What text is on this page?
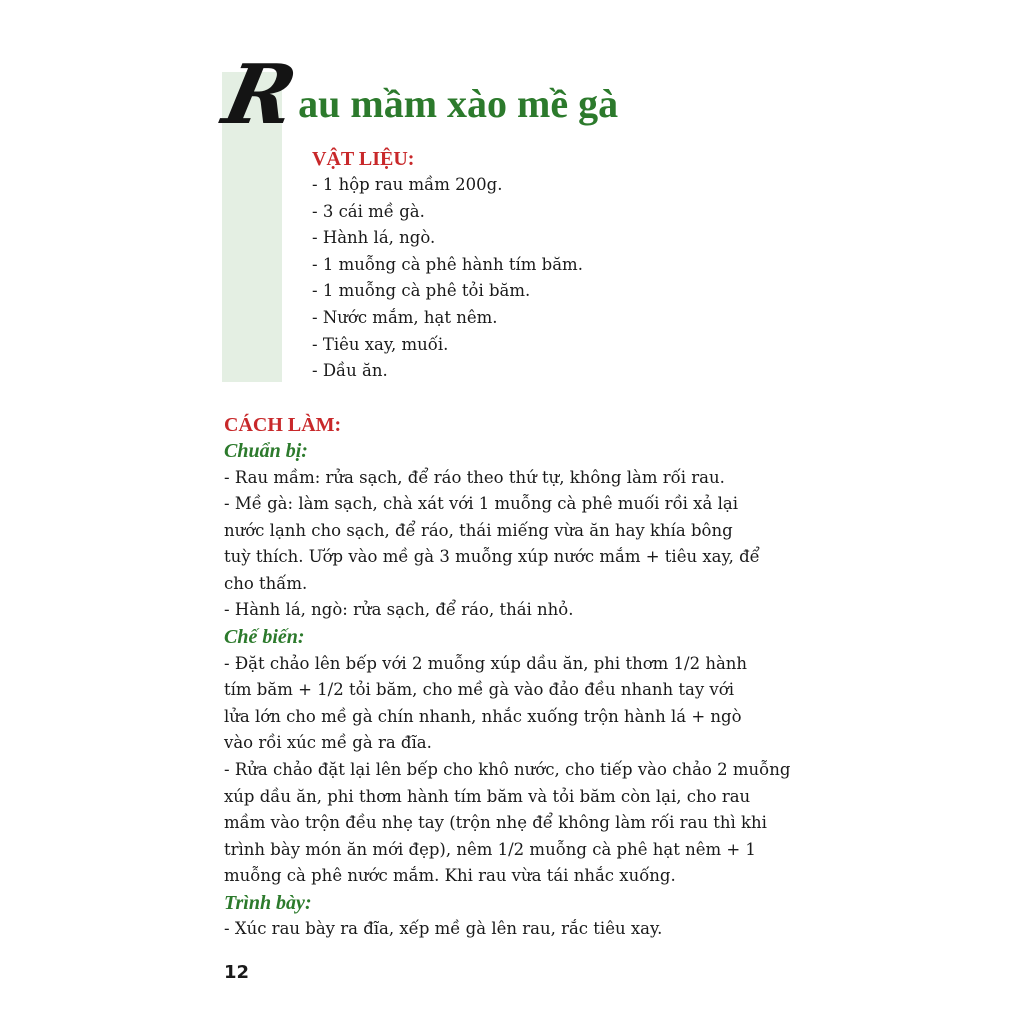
R
au mầm xào mề gà
VẬT LIỆU:
- 1 hộp rau mầm 200g.
- 3 cái mề gà.
- Hành lá, ngò.
- 1 muỗng cà phê hành tím băm.
- 1 muỗng cà phê tỏi băm.
- Nước mắm, hạt nêm.
- Tiêu xay, muối.
- Dầu ăn.
CÁCH LÀM:
Chuẩn bị:
- Rau mầm: rửa sạch, để ráo theo thứ tự, không làm rối rau.
- Mề gà: làm sạch, chà xát với 1 muỗng cà phê muối rồi xả lại
nước lạnh cho sạch, để ráo, thái miếng vừa ăn hay khía bông
tuỳ thích. Ướp vào mề gà 3 muỗng xúp nước mắm + tiêu xay, để
cho thấm.
- Hành lá, ngò: rửa sạch, để ráo, thái nhỏ.
Chế biến:
- Đặt chảo lên bếp với 2 muỗng xúp dầu ăn, phi thơm 1/2 hành
tím băm + 1/2 tỏi băm, cho mề gà vào đảo đều nhanh tay với
lửa lớn cho mề gà chín nhanh, nhắc xuống trộn hành lá + ngò
vào rồi xúc mề gà ra đĩa.
- Rửa chảo đặt lại lên bếp cho khô nước, cho tiếp vào chảo 2 muỗng
xúp dầu ăn, phi thơm hành tím băm và tỏi băm còn lại, cho rau
mầm vào trộn đều nhẹ tay (trộn nhẹ để không làm rối rau thì khi
trình bày món ăn mới đẹp), nêm 1/2 muỗng cà phê hạt nêm + 1
muỗng cà phê nước mắm. Khi rau vừa tái nhắc xuống.
Trình bày:
- Xúc rau bày ra đĩa, xếp mề gà lên rau, rắc tiêu xay.
12
